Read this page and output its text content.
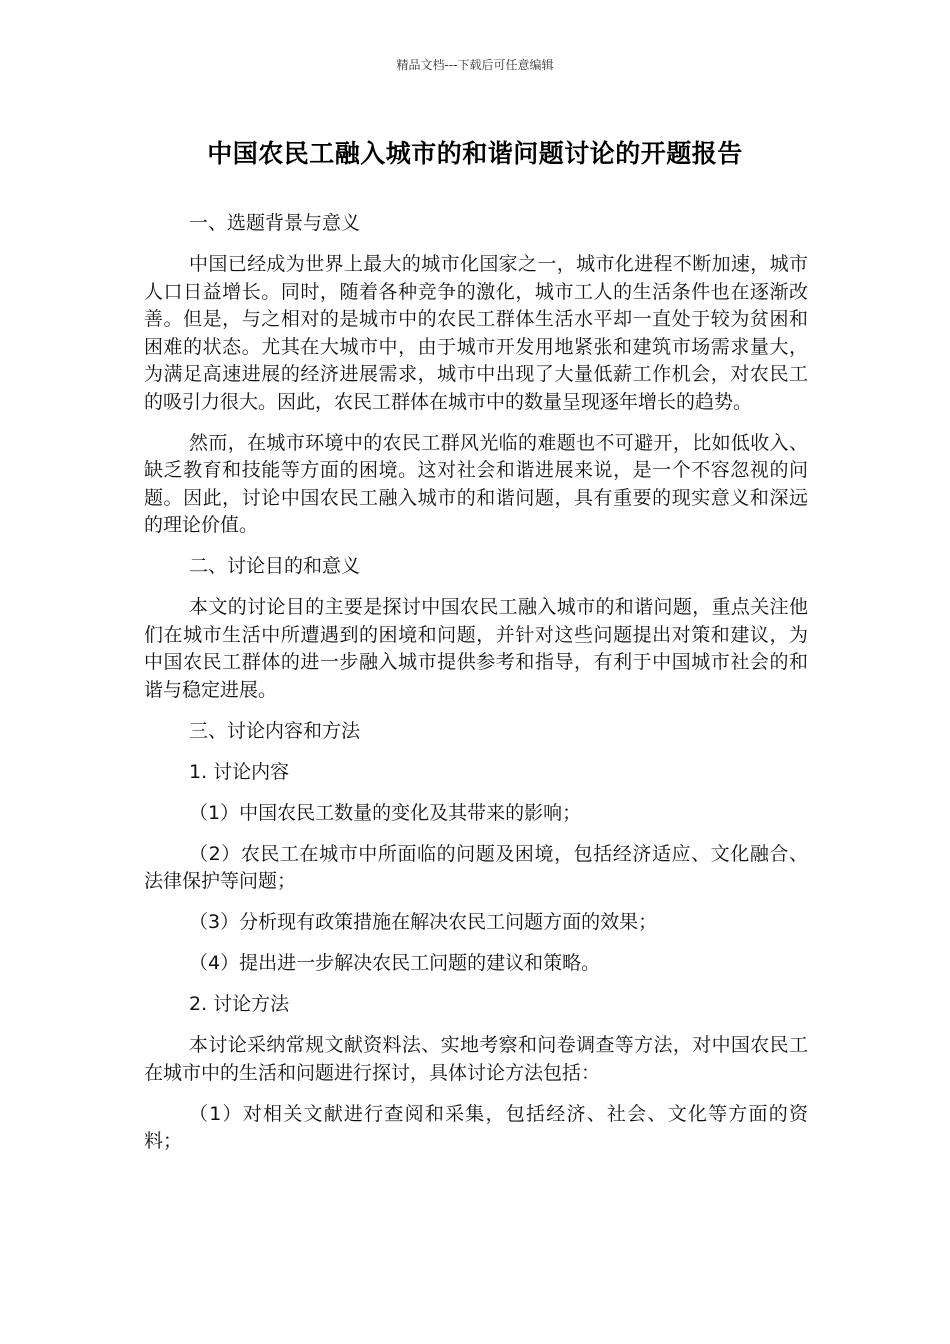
精品文档---下载后可任意编辑
中国农民工融入城市的和谐问题讨论的开题报告

一、选题背景与意义

中国已经成为世界上最大的城市化国家之一，城市化进程不断加速，城市人口日益增长。同时，随着各种竞争的激化，城市工人的生活条件也在逐渐改善。但是，与之相对的是城市中的农民工群体生活水平却一直处于较为贫困和困难的状态。尤其在大城市中，由于城市开发用地紧张和建筑市场需求量大，为满足高速进展的经济进展需求，城市中出现了大量低薪工作机会，对农民工的吸引力很大。因此，农民工群体在城市中的数量呈现逐年增长的趋势。

然而，在城市环境中的农民工群风光临的难题也不可避开，比如低收入、缺乏教育和技能等方面的困境。这对社会和谐进展来说，是一个不容忽视的问题。因此，讨论中国农民工融入城市的和谐问题，具有重要的现实意义和深远的理论价值。

二、讨论目的和意义

本文的讨论目的主要是探讨中国农民工融入城市的和谐问题，重点关注他们在城市生活中所遭遇到的困境和问题，并针对这些问题提出对策和建议，为中国农民工群体的进一步融入城市提供参考和指导，有利于中国城市社会的和谐与稳定进展。

三、讨论内容和方法

1. 讨论内容

（1）中国农民工数量的变化及其带来的影响；

（2）农民工在城市中所面临的问题及困境，包括经济适应、文化融合、法律保护等问题；

（3）分析现有政策措施在解决农民工问题方面的效果；

（4）提出进一步解决农民工问题的建议和策略。

2. 讨论方法

本讨论采纳常规文献资料法、实地考察和问卷调查等方法，对中国农民工在城市中的生活和问题进行探讨，具体讨论方法包括：

（1）对相关文献进行查阅和采集，包括经济、社会、文化等方面的资料；
